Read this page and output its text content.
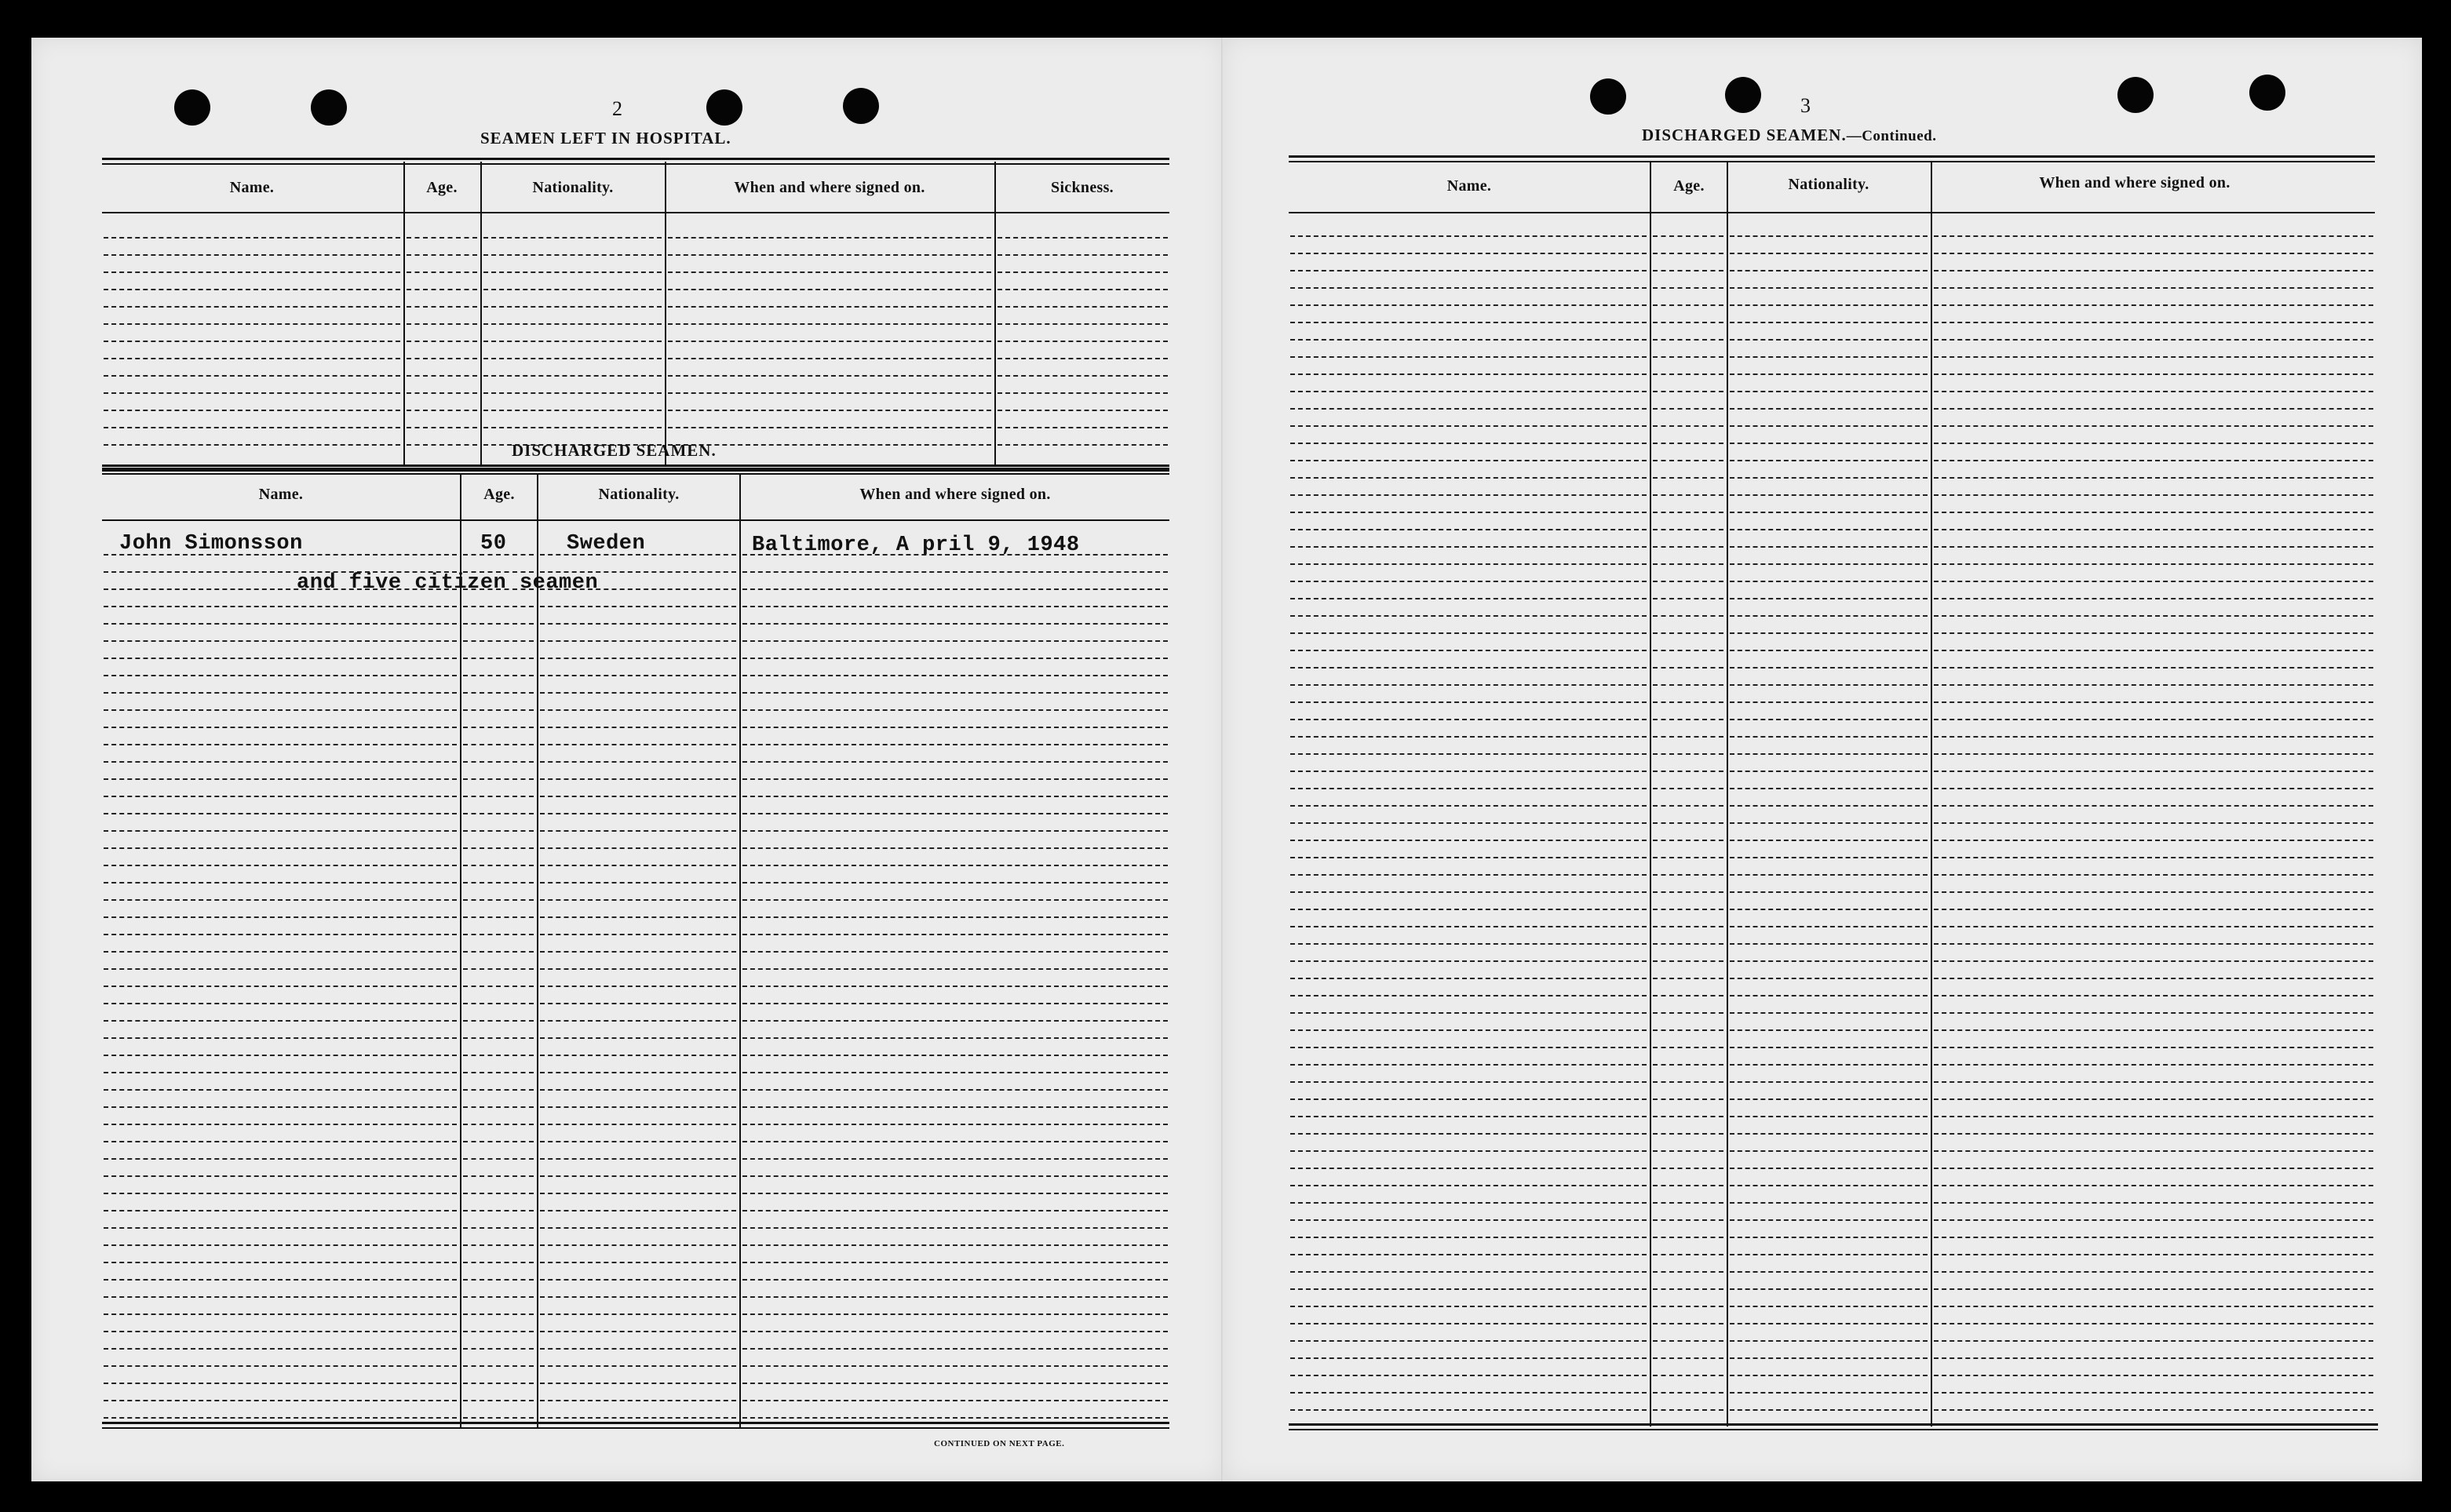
2
SEAMEN LEFT IN HOSPITAL.
Name.	Age.	Nationality.	When and where signed on.	Sickness.
DISCHARGED SEAMEN.
Name.	Age.	Nationality.	When and where signed on.
John Simonsson	50	Sweden	Baltimore, A pril 9, 1948
and five citizen seamen
CONTINUED ON NEXT PAGE.
3
DISCHARGED SEAMEN.—Continued.
Name.	Age.	Nationality.	When and where signed on.
